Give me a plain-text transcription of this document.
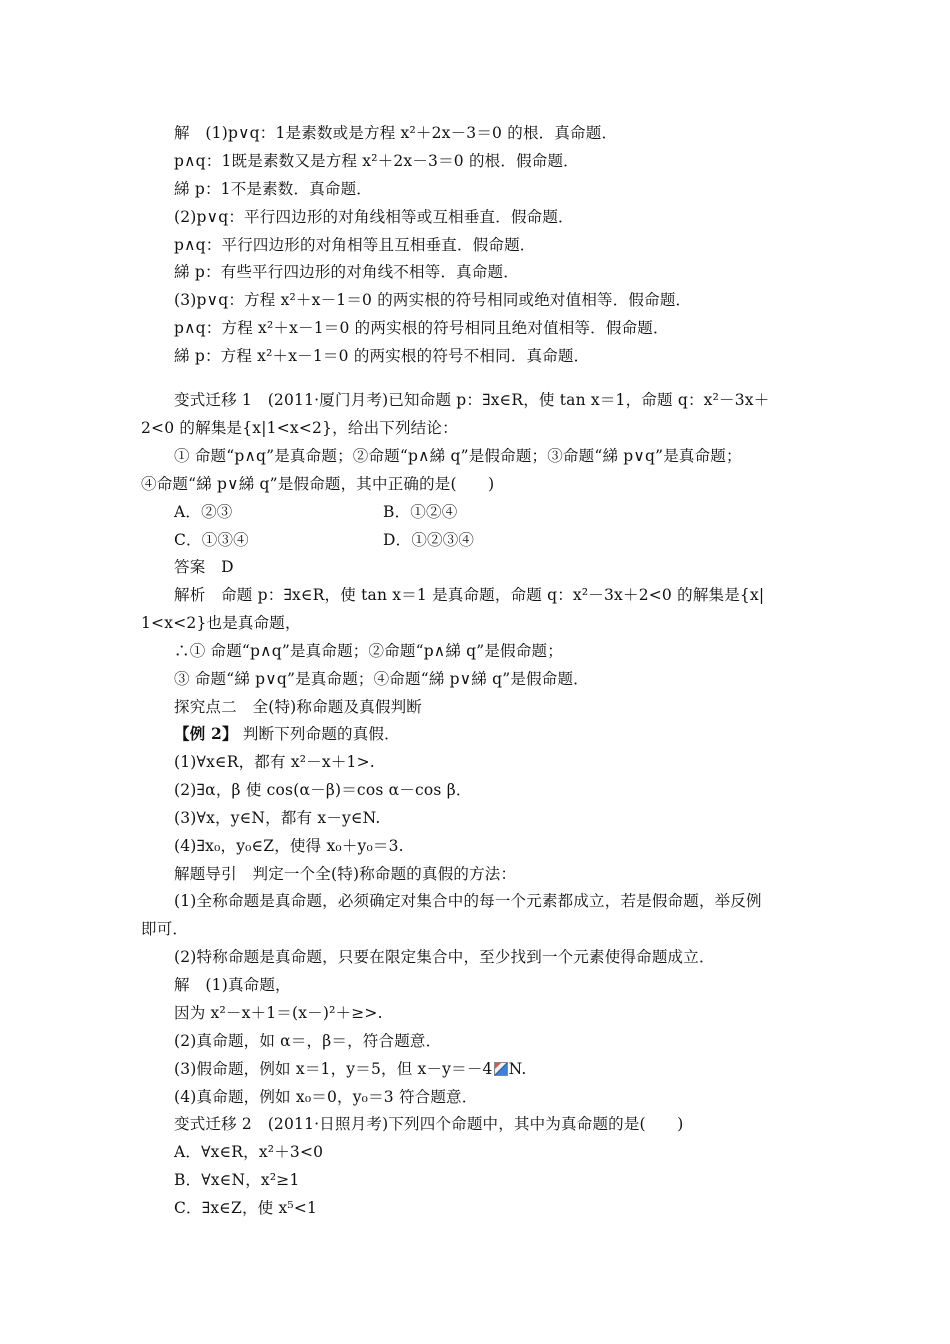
解　(1)p∨q：1是素数或是方程 x²＋2x－3＝0 的根．真命题．
p∧q：1既是素数又是方程 x²＋2x－3＝0 的根．假命题．
綈 p：1不是素数．真命题．
(2)p∨q：平行四边形的对角线相等或互相垂直．假命题．
p∧q：平行四边形的对角相等且互相垂直．假命题．
綈 p：有些平行四边形的对角线不相等．真命题．
(3)p∨q：方程 x²＋x－1＝0 的两实根的符号相同或绝对值相等．假命题．
p∧q：方程 x²＋x－1＝0 的两实根的符号相同且绝对值相等．假命题．
綈 p：方程 x²＋x－1＝0 的两实根的符号不相同．真命题．
变式迁移 1　(2011·厦门月考)已知命题 p：∃x∈R，使 tan x＝1，命题 q：x²－3x＋
2<0 的解集是{x|1<x<2}，给出下列结论：
① 命题“p∧q”是真命题；②命题“p∧綈 q”是假命题；③命题“綈 p∨q”是真命题；
④命题“綈 p∨綈 q”是假命题，其中正确的是(　　)
A．②③	B．①②④
C．①③④	D．①②③④
答案　D
解析　命题 p：∃x∈R，使 tan x＝1 是真命题，命题 q：x²－3x＋2<0 的解集是{x|
1<x<2}也是真命题，
∴① 命题“p∧q”是真命题；②命题“p∧綈 q”是假命题；
③ 命题“綈 p∨q”是真命题；④命题“綈 p∨綈 q”是假命题．
探究点二　全(特)称命题及真假判断
【例 2】 判断下列命题的真假．
(1)∀x∈R，都有 x²－x＋1>.
(2)∃α，β 使 cos(α－β)＝cos α－cos β．
(3)∀x，y∈N，都有 x－y∈N.
(4)∃x₀，y₀∈Z，使得 x₀＋y₀＝3.
解题导引　判定一个全(特)称命题的真假的方法：
(1)全称命题是真命题，必须确定对集合中的每一个元素都成立，若是假命题，举反例
即可．
(2)特称命题是真命题，只要在限定集合中，至少找到一个元素使得命题成立．
解　(1)真命题，
因为 x²－x＋1＝(x－)²＋≥>.
(2)真命题，如 α＝，β＝，符合题意．
(3)假命题，例如 x＝1，y＝5，但 x－y＝－4 N.
(4)真命题，例如 x₀＝0，y₀＝3 符合题意．
变式迁移 2　(2011·日照月考)下列四个命题中，其中为真命题的是(　　)
A．∀x∈R，x²＋3<0
B．∀x∈N，x²≥1
C．∃x∈Z，使 x⁵<1
